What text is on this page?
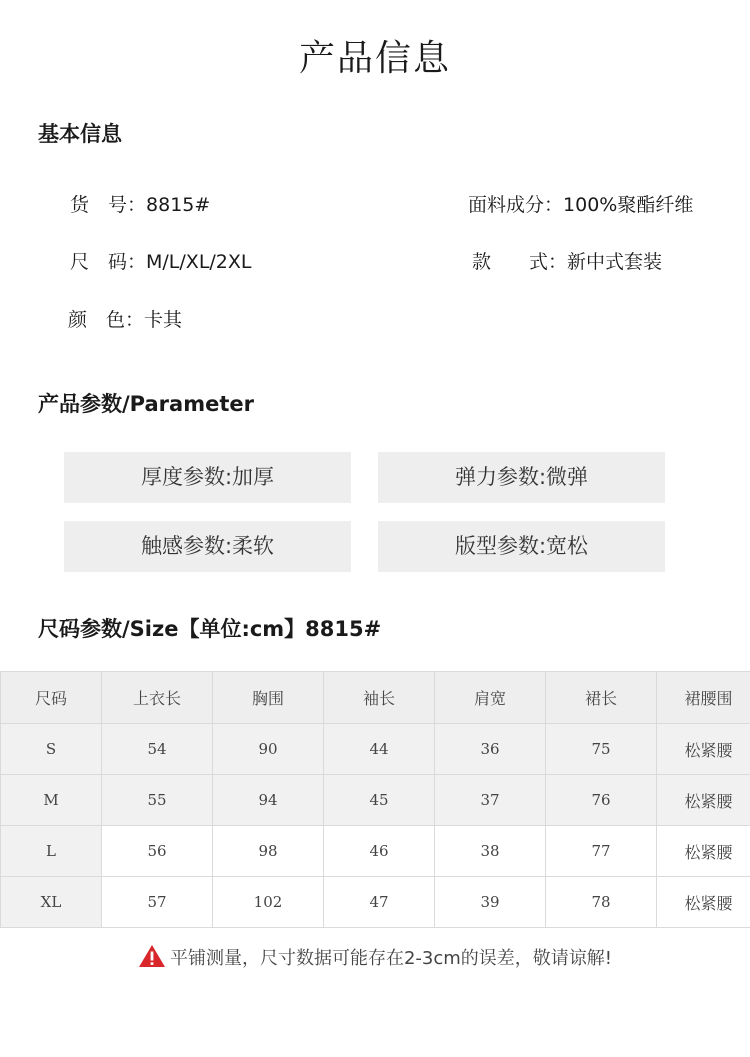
产品信息
基本信息
货　号：8815#	面料成分：100%聚酯纤维
尺　码：M/L/XL/2XL	款　　式：新中式套装
颜　色：卡其
产品参数/Parameter
厚度参数:加厚	弹力参数:微弹
触感参数:柔软	版型参数:宽松
尺码参数/Size【单位:cm】8815#
尺码	上衣长	胸围	袖长	肩宽	裙长	裙腰围
S	54	90	44	36	75	松紧腰
M	55	94	45	37	76	松紧腰
L	56	98	46	38	77	松紧腰
XL	57	102	47	39	78	松紧腰
平铺测量，尺寸数据可能存在2-3cm的误差，敬请谅解!
